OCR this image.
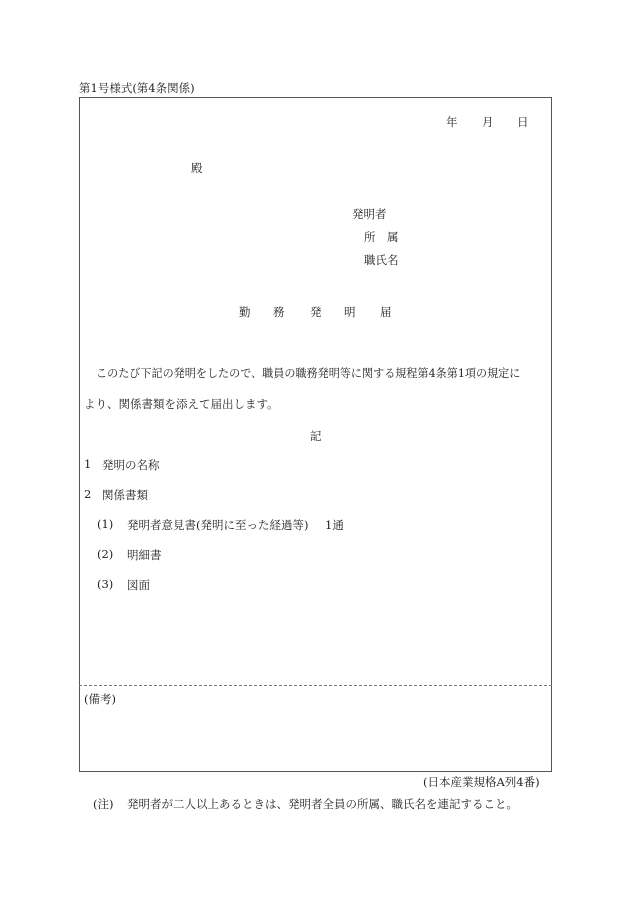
第1号様式(第4条関係)
年 月 日
殿
発明者
所 属
職氏名
勤 務 発 明 届
このたび下記の発明をしたので、職員の職務発明等に関する規程第4条第1項の規定に
より、関係書類を添えて届出します。
記
1 発明の名称
2 関係書類
(1) 発明者意見書(発明に至った経過等) 1通
(2) 明細書
(3) 図面
(備考)
(日本産業規格A列4番)
(注) 発明者が二人以上あるときは、発明者全員の所属、職氏名を連記すること。
